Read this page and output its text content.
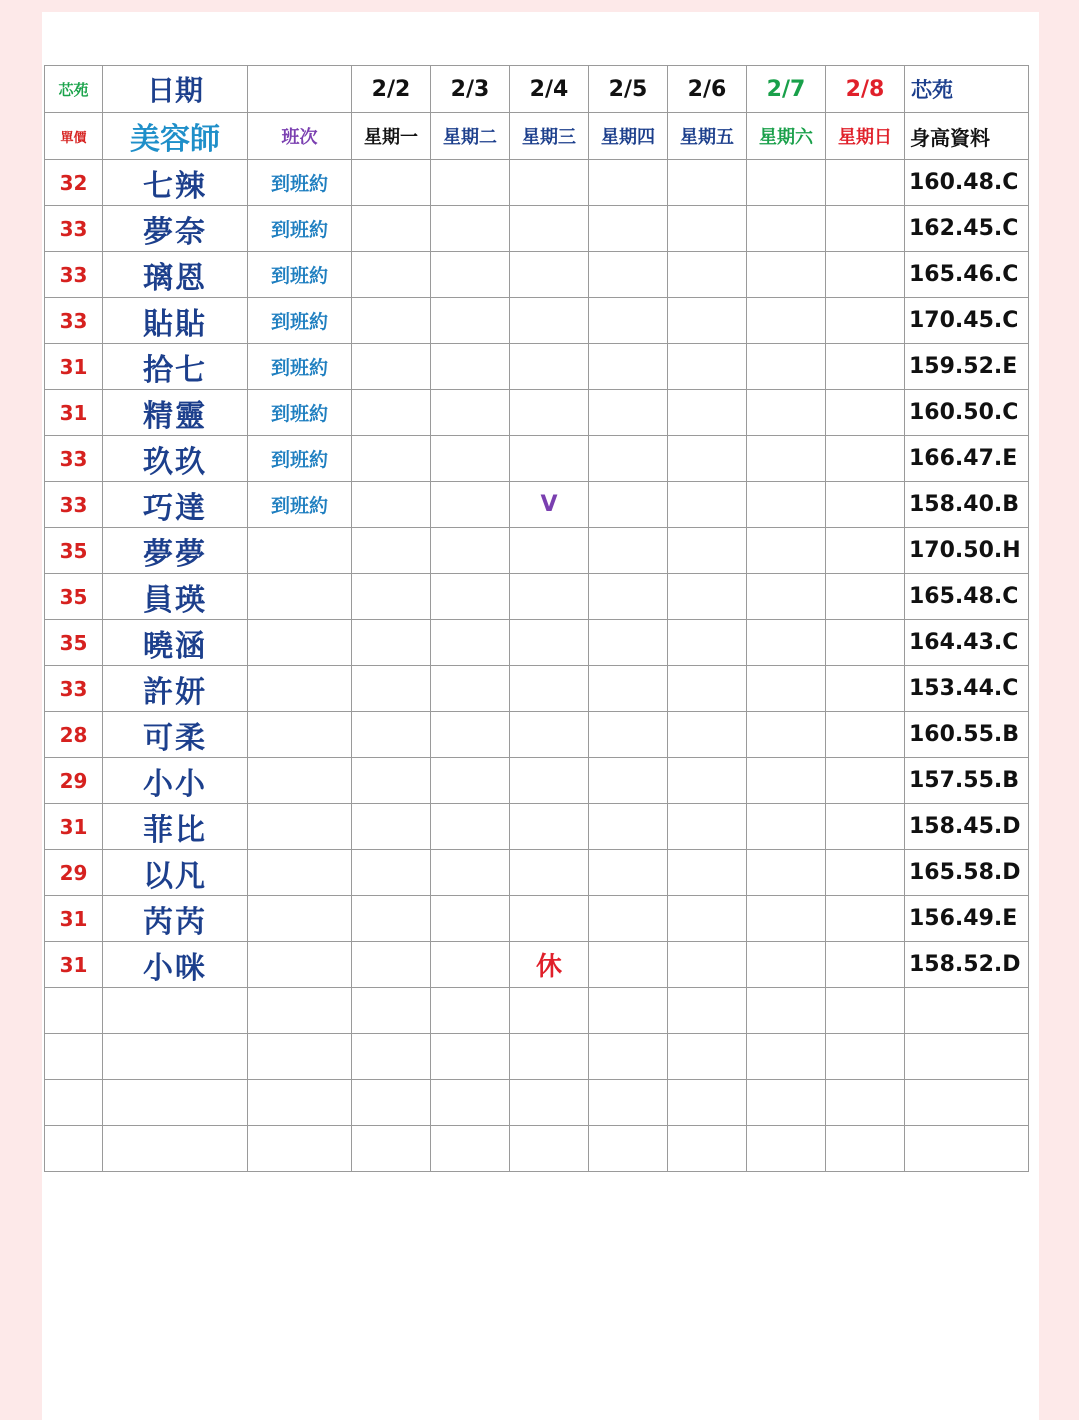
芯苑	日期		2/2	2/3	2/4	2/5	2/6	2/7	2/8	芯苑
單價	美容師	班次	星期一	星期二	星期三	星期四	星期五	星期六	星期日	身高資料
32	七辣	到班約								160.48.C
33	夢奈	到班約								162.45.C
33	璃恩	到班約								165.46.C
33	貼貼	到班約								170.45.C
31	拾七	到班約								159.52.E
31	精靈	到班約								160.50.C
33	玖玖	到班約								166.47.E
33	巧達	到班約			V					158.40.B
35	夢夢									170.50.H
35	員瑛									165.48.C
35	曉涵									164.43.C
33	許妍									153.44.C
28	可柔									160.55.B
29	小小									157.55.B
31	菲比									158.45.D
29	以凡									165.58.D
31	芮芮									156.49.E
31	小咪				休					158.52.D
